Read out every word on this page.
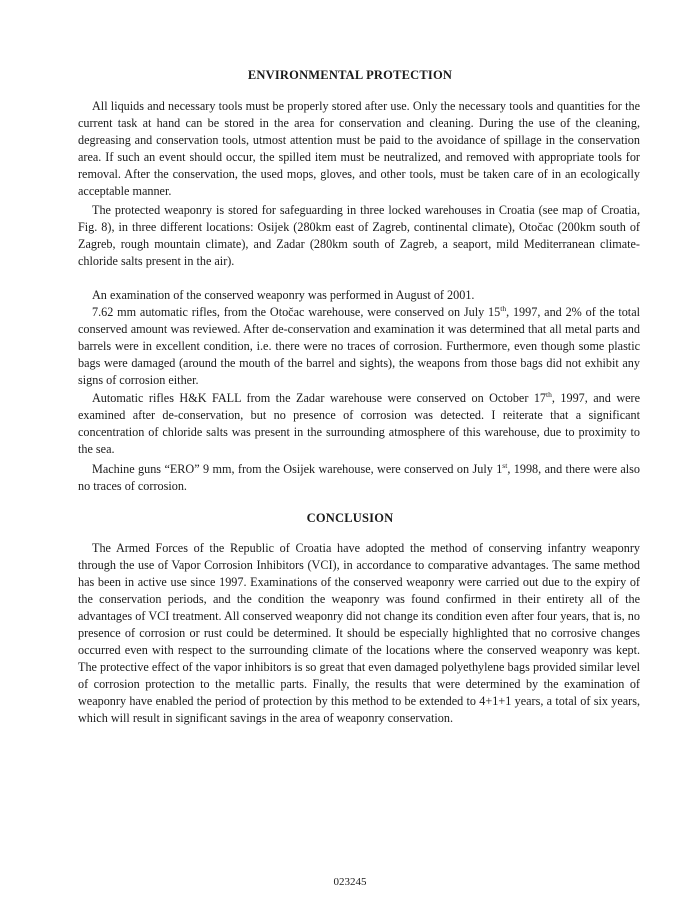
ENVIRONMENTAL PROTECTION

All liquids and necessary tools must be properly stored after use. Only the necessary tools and quantities for the current task at hand can be stored in the area for conservation and cleaning. During the use of the cleaning, degreasing and conservation tools, utmost attention must be paid to the avoidance of spillage in the conservation area. If such an event should occur, the spilled item must be neutralized, and removed with appropriate tools for removal. After the conservation, the used mops, gloves, and other tools, must be taken care of in an ecologically acceptable manner.

The protected weaponry is stored for safeguarding in three locked warehouses in Croatia (see map of Croatia, Fig. 8), in three different locations: Osijek (280km east of Zagreb, continental climate), Otočac (200km south of Zagreb, rough mountain climate), and Zadar (280km south of Zagreb, a seaport, mild Mediterranean climate-chloride salts present in the air).

An examination of the conserved weaponry was performed in August of 2001.
7.62 mm automatic rifles, from the Otočac warehouse, were conserved on July 15th, 1997, and 2% of the total conserved amount was reviewed. After de-conservation and examination it was determined that all metal parts and barrels were in excellent condition, i.e. there were no traces of corrosion. Furthermore, even though some plastic bags were damaged (around the mouth of the barrel and sights), the weapons from those bags did not exhibit any signs of corrosion either.

Automatic rifles H&K FALL from the Zadar warehouse were conserved on October 17th, 1997, and were examined after de-conservation, but no presence of corrosion was detected. I reiterate that a significant concentration of chloride salts was present in the surrounding atmosphere of this warehouse, due to proximity to the sea.

Machine guns “ERO” 9 mm, from the Osijek warehouse, were conserved on July 1st, 1998, and there were also no traces of corrosion.

CONCLUSION

The Armed Forces of the Republic of Croatia have adopted the method of conserving infantry weaponry through the use of Vapor Corrosion Inhibitors (VCI), in accordance to comparative advantages. The same method has been in active use since 1997. Examinations of the conserved weaponry were carried out due to the expiry of the conservation periods, and the condition the weaponry was found confirmed in their entirety all of the advantages of VCI treatment. All conserved weaponry did not change its condition even after four years, that is, no presence of corrosion or rust could be determined. It should be especially highlighted that no corrosive changes occurred even with respect to the surrounding climate of the locations where the conserved weaponry was kept. The protective effect of the vapor inhibitors is so great that even damaged polyethylene bags provided similar level of corrosion protection to the metallic parts. Finally, the results that were determined by the examination of weaponry have enabled the period of protection by this method to be extended to 4+1+1 years, a total of six years, which will result in significant savings in the area of weaponry conservation.

023245
